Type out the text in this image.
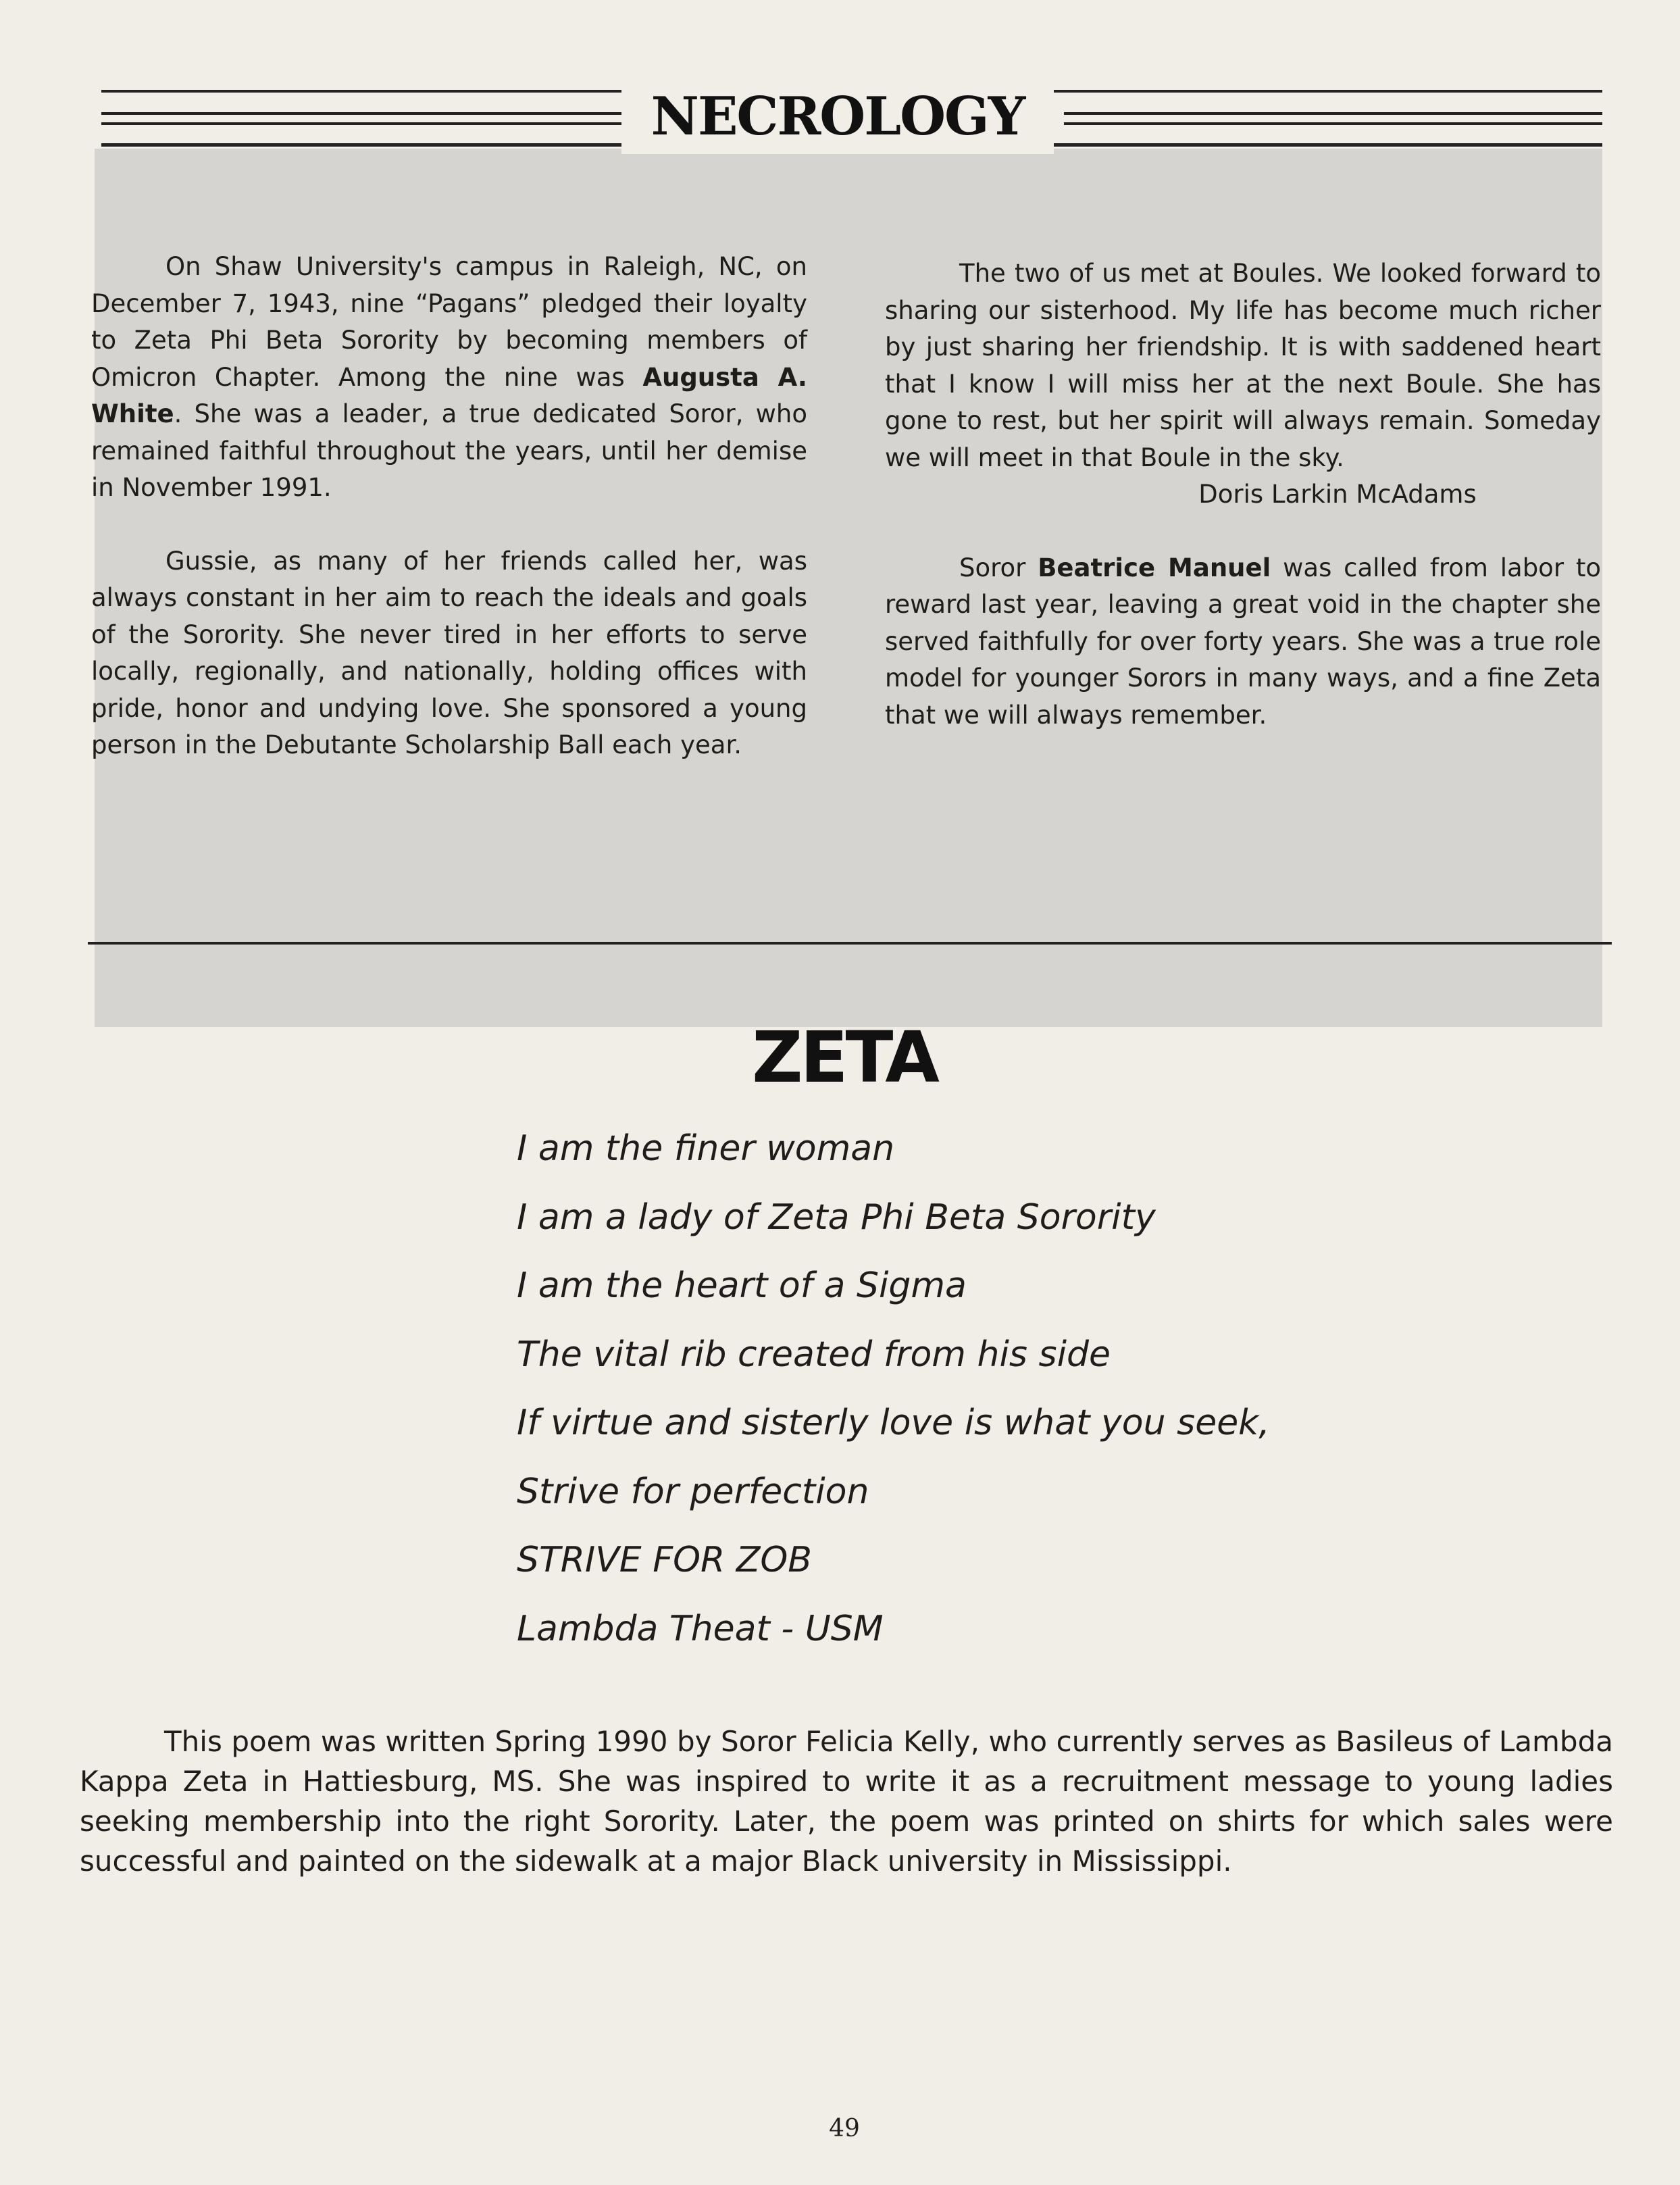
NECROLOGY

On Shaw University's campus in Raleigh, NC, on December 7, 1943, nine “Pagans” pledged their loyalty to Zeta Phi Beta Sorority by becoming members of Omicron Chapter. Among the nine was Augusta A. White. She was a leader, a true dedicated Soror, who remained faithful throughout the years, until her demise in November 1991.

Gussie, as many of her friends called her, was always constant in her aim to reach the ideals and goals of the Sorority. She never tired in her efforts to serve locally, regionally, and nationally, holding offices with pride, honor and undying love. She sponsored a young person in the Debutante Scholarship Ball each year.

The two of us met at Boules. We looked forward to sharing our sisterhood. My life has become much richer by just sharing her friendship. It is with saddened heart that I know I will miss her at the next Boule. She has gone to rest, but her spirit will always remain. Someday we will meet in that Boule in the sky.

Doris Larkin McAdams

Soror Beatrice Manuel was called from labor to reward last year, leaving a great void in the chapter she served faithfully for over forty years. She was a true role model for younger Sorors in many ways, and a fine Zeta that we will always remember.

ZETA
I am the finer woman
I am a lady of Zeta Phi Beta Sorority
I am the heart of a Sigma
The vital rib created from his side
If virtue and sisterly love is what you seek,
Strive for perfection
STRIVE FOR ZOB
Lambda Theat - USM

This poem was written Spring 1990 by Soror Felicia Kelly, who currently serves as Basileus of Lambda Kappa Zeta in Hattiesburg, MS. She was inspired to write it as a recruitment message to young ladies seeking membership into the right Sorority. Later, the poem was printed on shirts for which sales were successful and painted on the sidewalk at a major Black university in Mississippi.

49
